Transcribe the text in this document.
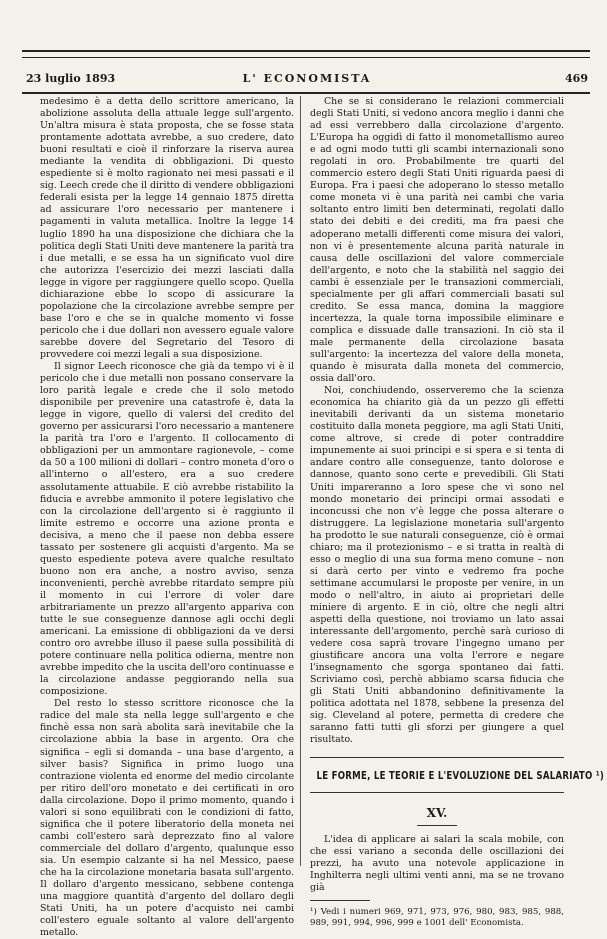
23 luglio 1893	L' ECONOMISTA	469

medesimo è a detta dello scrittore americano, la abolizione assoluta della attuale legge sull'argento. Un'altra misura è stata proposta, che se fosse stata prontamente adottata avrebbe, a suo credere, dato buoni resultati e cioè il rinforzare la riserva aurea mediante la vendita di obbligazioni. Di questo espediente si è molto ragionato nei mesi passati e il sig. Leech crede che il diritto di vendere obbligazioni federali esista per la legge 14 gennaio 1875 diretta ad assicurare l'oro necessario per mantenere i pagamenti in valuta metallica. Inoltre la legge 14 luglio 1890 ha una disposizione che dichiara che la politica degli Stati Uniti deve mantenere la parità tra i due metalli, e se essa ha un significato vuol dire che autorizza l'esercizio dei mezzi lasciati dalla legge in vigore per raggiungere quello scopo. Quella dichiarazione ebbe lo scopo di assicurare la popolazione che la circolazione avrebbe sempre per base l'oro e che se in qualche momento vi fosse pericolo che i due dollari non avessero eguale valore sarebbe dovere del Segretario del Tesoro di provvedere coi mezzi legali a sua disposizione.

Il signor Leech riconosce che già da tempo vi è il pericolo che i due metalli non possano conservare la loro parità legale e crede che il solo metodo disponibile per prevenire una catastrofe è, data la legge in vigore, quello di valersi del credito del governo per assicurarsi l'oro necessario a mantenere la parità tra l'oro e l'argento. Il collocamento di obbligazioni per un ammontare ragionevole, – come da 50 a 100 milioni di dollari – contro moneta d'oro o all'interno o all'estero, era a suo credere assolutamente attuabile. E ciò avrebbe ristabilito la fiducia e avrebbe ammonito il potere legislativo che con la circolazione dell'argento si è raggiunto il limite estremo e occorre una azione pronta e decisiva, a meno che il paese non debba essere tassato per sostenere gli acquisti d'argento. Ma se questo espediente poteva avere qualche resultato buono non era anche, a nostro avviso, senza inconvenienti, perchè avrebbe ritardato sempre più il momento in cui l'errore di voler dare arbitrariamente un prezzo all'argento appariva con tutte le sue conseguenze dannose agli occhi degli americani. La emissione di obbligazioni da ve dersi contro oro avrebbe illuso il paese sulla possibilità di potere continuare nella politica odierna, mentre non avrebbe impedito che la uscita dell'oro continuasse e la circolazione andasse peggiorando nella sua composizione.

Del resto lo stesso scrittore riconosce che la radice del male sta nella legge sull'argento e che finchè essa non sarà abolita sarà inevitabile che la circolazione abbia la base in argento. Ora che significa – egli si domanda – una base d'argento, a silver basis? Significa in primo luogo una contrazione violenta ed enorme del medio circolante per ritiro dell'oro monetato e dei certificati in oro dalla circolazione. Dopo il primo momento, quando i valori si sono equilibrati con le condizioni di fatto, significa che il potere liberatorio della moneta nei cambi coll'estero sarà deprezzato fino al valore commerciale del dollaro d'argento, qualunque esso sia. Un esempio calzante si ha nel Messico, paese che ha la circolazione monetaria basata sull'argento. Il dollaro d'argento messicano, sebbene contenga una maggiore quantità d'argento del dollaro degli Stati Uniti, ha un potere d'acquisto nei cambi coll'estero eguale soltanto al valore dell'argento metallo.

Che se si considerano le relazioni commerciali degli Stati Uniti, si vedono ancora meglio i danni che ad essi verrebbero dalla circolazione d'argento. L'Europa ha oggidì di fatto il monometallismo aureo e ad ogni modo tutti gli scambi internazionali sono regolati in oro. Probabilmente tre quarti del commercio estero degli Stati Uniti riguarda paesi di Europa. Fra i paesi che adoperano lo stesso metallo come moneta vi è una parità nei cambi che varia soltanto entro limiti ben determinati, regolati dallo stato dei debiti e dei crediti, ma fra paesi che adoperano metalli differenti come misura dei valori, non vi è presentemente alcuna parità naturale in causa delle oscillazioni del valore commerciale dell'argento, e noto che la stabilità nel saggio dei cambi è essenziale per le transazioni commerciali, specialmente per gli affari commerciali basati sul credito. Se essa manca, domina la maggiore incertezza, la quale torna impossibile eliminare e complica e dissuade dalle transazioni. In ciò sta il male permanente della circolazione basata sull'argento: la incertezza del valore della moneta, quando è misurata dalla moneta del commercio, ossia dall'oro.

Noi, conchiudendo, osserveremo che la scienza economica ha chiarito già da un pezzo gli effetti inevitabili derivanti da un sistema monetario costituito dalla moneta peggiore, ma agli Stati Uniti, come altrove, si crede di poter contraddire impunemente ai suoi principi e si spera e si tenta di andare contro alle conseguenze, tanto dolorose e dannose, quanto sono certe e prevedibili. Gli Stati Uniti impareranno a loro spese che vi sono nel mondo monetario dei principi ormai assodati e inconcussi che non v'è legge che possa alterare o distruggere. La legislazione monetaria sull'argento ha prodotto le sue naturali conseguenze, ciò è ormai chiaro; ma il protezionismo – e si tratta in realtà di esso o meglio di una sua forma meno comune – non si darà certo per vinto e vedremo fra poche settimane accumularsi le proposte per venire, in un modo o nell'altro, in aiuto ai proprietari delle miniere di argento. E in ciò, oltre che negli altri aspetti della questione, noi troviamo un lato assai interessante dell'argomento, perchè sarà curioso di vedere cosa saprà trovare l'ingegno umano per giustificare ancora una volta l'errore e negare l'insegnamento che sgorga spontaneo dai fatti. Scriviamo così, perchè abbiamo scarsa fiducia che gli Stati Uniti abbandonino definitivamente la politica adottata nel 1878, sebbene la presenza del sig. Cleveland al potere, permetta di credere che saranno fatti tutti gli sforzi per giungere a quel risultato.

LE FORME, LE TEORIE E L'EVOLUZIONE DEL SALARIATO ¹)
XV.

L'idea di applicare ai salari la scala mobile, con che essi variano a seconda delle oscillazioni dei prezzi, ha avuto una notevole applicazione in Inghilterra negli ultimi venti anni, ma se ne trovano già

¹) Vedi i numeri 969, 971, 973, 976, 980, 983, 985, 988, 989, 991, 994, 996, 999 e 1001 dell' Economista.
